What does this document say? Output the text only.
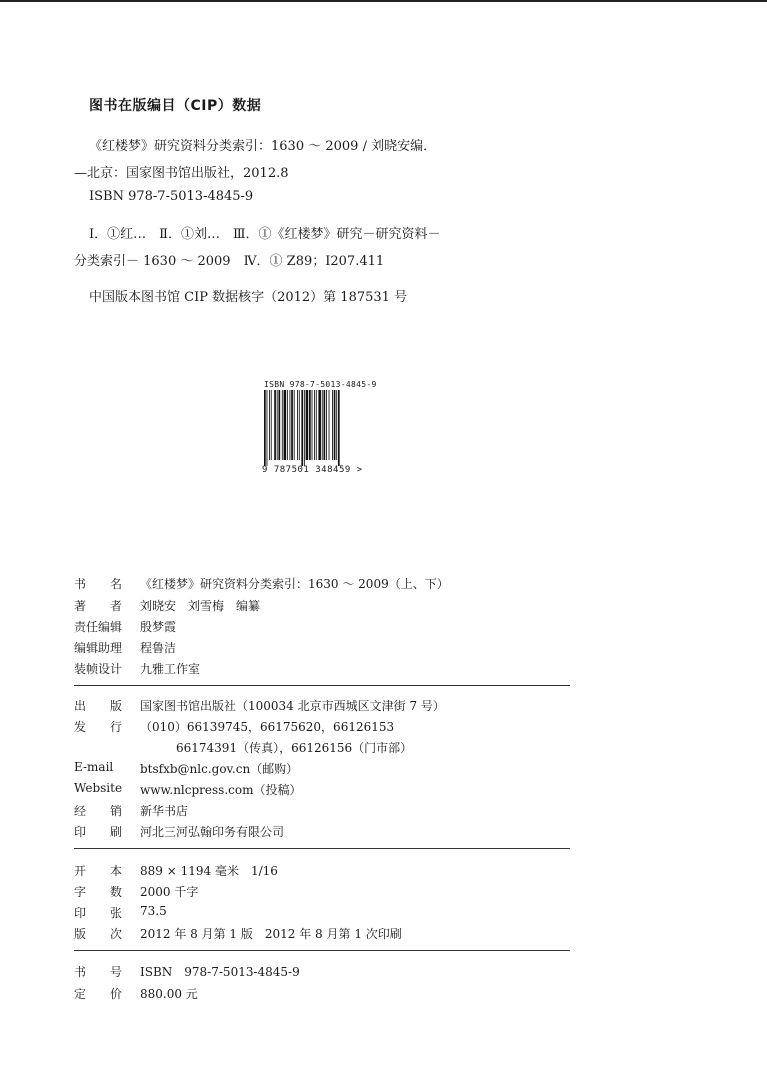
图书在版编目（CIP）数据
《红楼梦》研究资料分类索引：1630 ～ 2009 / 刘晓安编．
—北京：国家图书馆出版社，2012.8
ISBN 978-7-5013-4845-9
Ⅰ．①红…　Ⅱ．①刘…　Ⅲ．①《红楼梦》研究－研究资料－
分类索引－ 1630 ～ 2009　Ⅳ．① Z89；I207.411
中国版本图书馆 CIP 数据核字（2012）第 187531 号
ISBN 978-7-5013-4845-9
9 787501 348459 >
书　　名 《红楼梦》研究资料分类索引：1630 ～ 2009（上、下）
著　　者 刘晓安　刘雪梅　编纂
责任编辑 殷梦霞
编辑助理 程鲁洁
装帧设计 九雅工作室
出　　版 国家图书馆出版社（100034 北京市西城区文津街 7 号）
发　　行 （010）66139745，66175620，66126153
66174391（传真），66126156（门市部）
E-mail btsfxb@nlc.gov.cn（邮购）
Website www.nlcpress.com（投稿）
经　　销 新华书店
印　　刷 河北三河弘翰印务有限公司
开　　本 889 × 1194 毫米　1/16
字　　数 2000 千字
印　　张 73.5
版　　次 2012 年 8 月第 1 版　2012 年 8 月第 1 次印刷
书　　号 ISBN　978-7-5013-4845-9
定　　价 880.00 元
